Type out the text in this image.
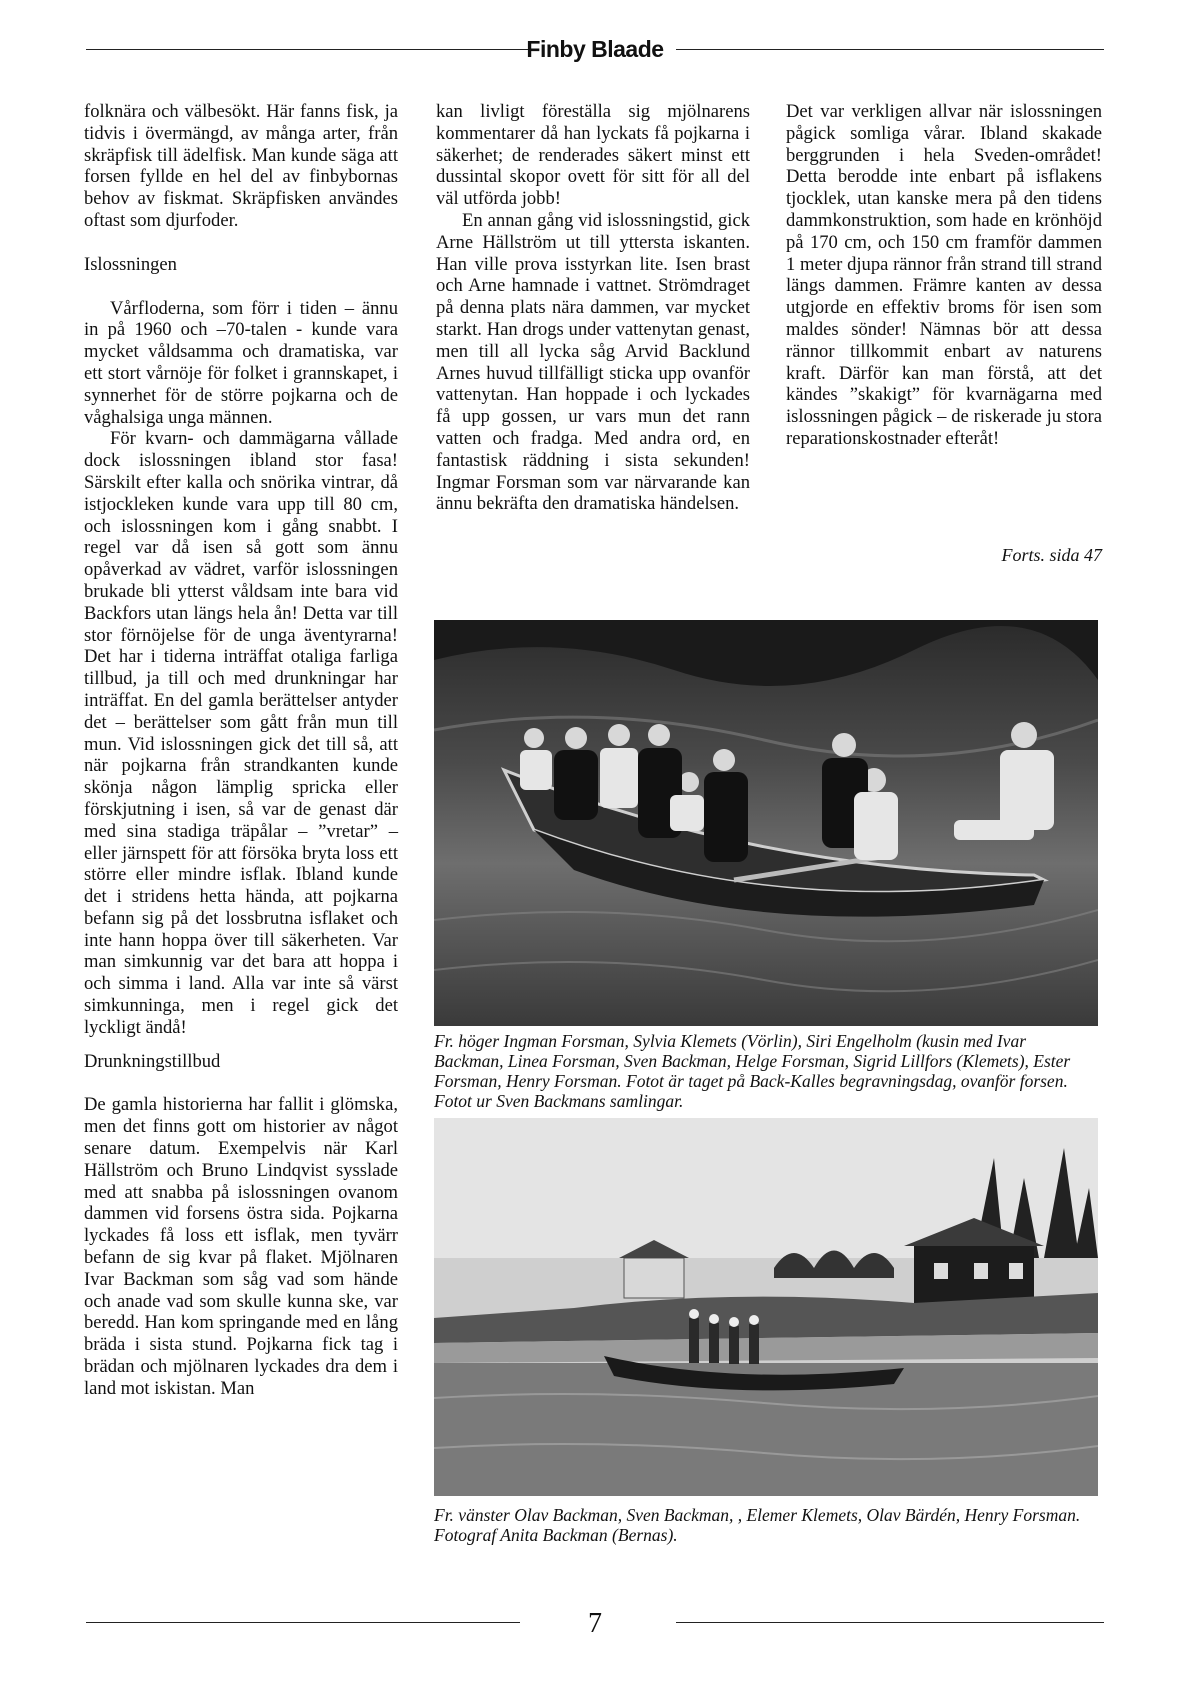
Finby Blaade

folknära och välbesökt. Här fanns fisk, ja tidvis i övermängd, av många arter, från skräpfisk till ädelfisk. Man kunde säga att forsen fyllde en hel del av finbybornas behov av fiskmat. Skräpfisken användes oftast som djurfoder.

Islossningen

Vårfloderna, som förr i tiden – ännu in på 1960 och –70-talen - kunde vara mycket våldsamma och dramatiska, var ett stort vårnöje för folket i grannskapet, i synnerhet för de större pojkarna och de våghalsiga unga männen.

För kvarn- och dammägarna vållade dock islossningen ibland stor fasa! Särskilt efter kalla och snörika vintrar, då istjockleken kunde vara upp till 80 cm, och islossningen kom i gång snabbt. I regel var då isen så gott som ännu opåverkad av vädret, varför islossningen brukade bli ytterst våldsam inte bara vid Backfors utan längs hela ån! Detta var till stor förnöjelse för de unga äventyrarna! Det har i tiderna inträffat otaliga farliga tillbud, ja till och med drunkningar har inträffat. En del gamla berättelser antyder det – berättelser som gått från mun till mun. Vid islossningen gick det till så, att när pojkarna från strandkanten kunde skönja någon lämplig spricka eller förskjutning i isen, så var de genast där med sina stadiga träpålar – ”vretar” – eller järnspett för att försöka bryta loss ett större eller mindre isflak. Ibland kunde det i stridens hetta hända, att pojkarna befann sig på det lossbrutna isflaket och inte hann hoppa över till säkerheten. Var man simkunnig var det bara att hoppa i och simma i land. Alla var inte så värst simkunninga, men i regel gick det lyckligt ändå!

Drunkningstillbud

De gamla historierna har fallit i glömska, men det finns gott om historier av något senare datum. Exempelvis när Karl Hällström och Bruno Lindqvist sysslade med att snabba på islossningen ovanom dammen vid forsens östra sida. Pojkarna lyckades få loss ett isflak, men tyvärr befann de sig kvar på flaket. Mjölnaren Ivar Backman som såg vad som hände och anade vad som skulle kunna ske, var beredd. Han kom springande med en lång bräda i sista stund. Pojkarna fick tag i brädan och mjölnaren lyckades dra dem i land mot iskistan. Man

kan livligt föreställa sig mjölnarens kommentarer då han lyckats få pojkarna i säkerhet; de renderades säkert minst ett dussintal skopor ovett för sitt för all del väl utförda jobb!

En annan gång vid islossningstid, gick Arne Hällström ut till yttersta iskanten. Han ville prova isstyrkan lite. Isen brast och Arne hamnade i vattnet. Strömdraget på denna plats nära dammen, var mycket starkt. Han drogs under vattenytan genast, men till all lycka såg Arvid Backlund Arnes huvud tillfälligt sticka upp ovanför vattenytan. Han hoppade i och lyckades få upp gossen, ur vars mun det rann vatten och fradga. Med andra ord, en fantastisk räddning i sista sekunden! Ingmar Forsman som var närvarande kan ännu bekräfta den dramatiska händelsen.

Det var verkligen allvar när islossningen pågick somliga vårar. Ibland skakade berggrunden i hela Sveden-området! Detta berodde inte enbart på isflakens tjocklek, utan kanske mera på den tidens dammkonstruktion, som hade en krönhöjd på 170 cm, och 150 cm framför dammen 1 meter djupa rännor från strand till strand längs dammen. Främre kanten av dessa utgjorde en effektiv broms för isen som maldes sönder! Nämnas bör att dessa rännor tillkommit enbart av naturens kraft. Därför kan man förstå, att det kändes ”skakigt” för kvarnägarna med islossningen pågick – de riskerade ju stora reparationskostnader efteråt!

Forts. sida 47
Fr. höger Ingman Forsman, Sylvia Klemets (Vörlin), Siri Engelholm (kusin med Ivar Backman, Linea Forsman, Sven Backman, Helge Forsman, Sigrid Lillfors (Klemets), Ester Forsman, Henry Forsman. Fotot är taget på Back-Kalles begravningsdag, ovanför forsen. Fotot ur Sven Backmans samlingar.
Fr. vänster Olav Backman, Sven Backman, , Elemer Klemets, Olav Bärdén, Henry Forsman. Fotograf Anita Backman (Bernas).
7
